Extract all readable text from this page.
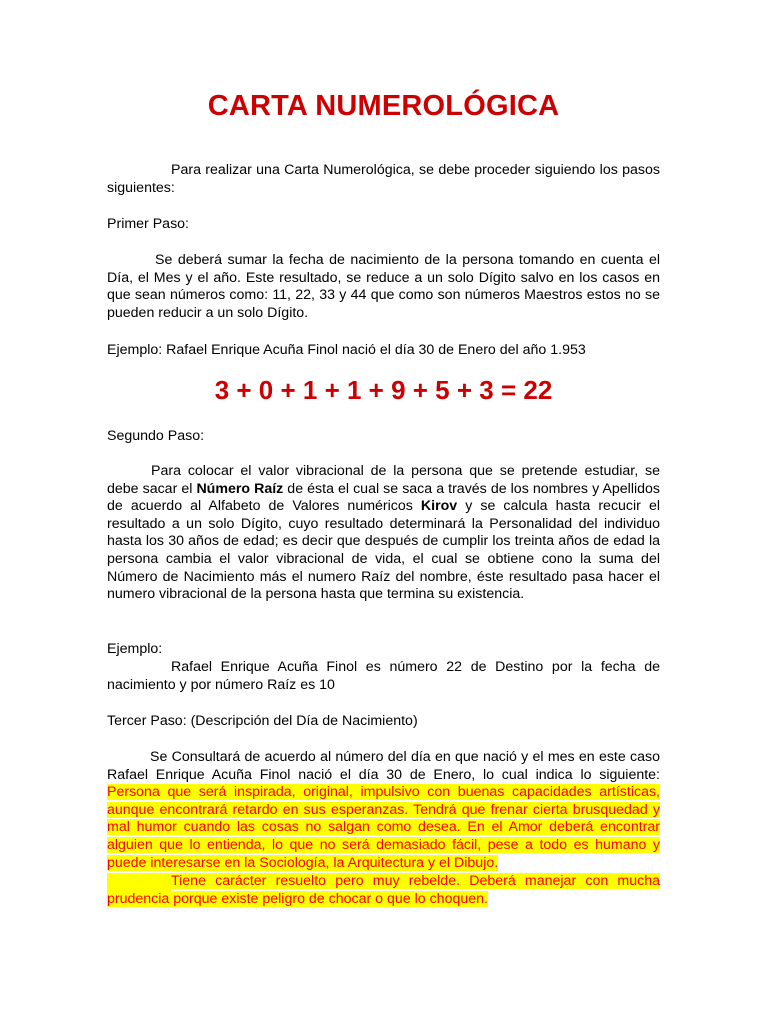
CARTA NUMEROLÓGICA

Para realizar una Carta Numerológica, se debe proceder siguiendo los pasos siguientes:

Primer Paso:

Se deberá sumar la fecha de nacimiento de la persona tomando en cuenta el Día, el Mes y el año. Este resultado, se reduce a un solo Dígito salvo en los casos en que sean números como: 11, 22, 33 y 44 que como son números Maestros estos no se pueden reducir a un solo Dígito.

Ejemplo: Rafael Enrique Acuña Finol nació el día 30 de Enero del año 1.953

3 + 0 + 1 + 1 + 9 + 5 + 3 = 22

Segundo Paso:

Para colocar el valor vibracional de la persona que se pretende estudiar, se debe sacar el Número Raíz de ésta el cual se saca a través de los nombres y Apellidos de acuerdo al Alfabeto de Valores numéricos Kirov y se calcula hasta recucir el resultado a un solo Dígito, cuyo resultado determinará la Personalidad del individuo hasta los 30 años de edad; es decir que después de cumplir los treinta años de edad la persona cambia el valor vibracional de vida, el cual se obtiene cono la suma del Número de Nacimiento más el numero Raíz del nombre, éste resultado pasa hacer el numero vibracional de la persona hasta que termina su existencia.

Ejemplo:

Rafael Enrique Acuña Finol es número 22 de Destino por la fecha de nacimiento y por número Raíz es 10

Tercer Paso: (Descripción del Día de Nacimiento)

Se Consultará de acuerdo al número del día en que nació y el mes en este caso Rafael Enrique Acuña Finol nació el día 30 de Enero, lo cual indica lo siguiente: Persona que será inspirada, original, impulsivo con buenas capacidades artísticas, aunque encontrará retardo en sus esperanzas. Tendrá que frenar cierta brusquedad y mal humor cuando las cosas no salgan como desea. En el Amor deberá encontrar alguien que lo entienda, lo que no será demasiado fácil, pese a todo es humano y puede interesarse en la Sociología, la Arquitectura y el Dibujo.

Tiene carácter resuelto pero muy rebelde. Deberá manejar con mucha prudencia porque existe peligro de chocar o que lo choquen.
